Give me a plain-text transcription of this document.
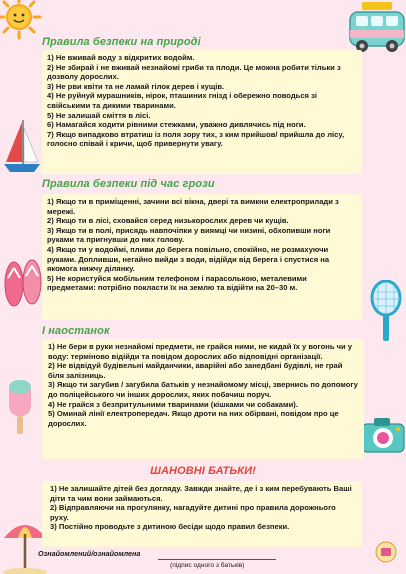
Правила безпеки на природі
1) Не вживай воду з відкритих водойм.
2) Не збирай і не вживай незнайомі гриби та плоди. Це можна робити тільки з дозволу дорослих.
3) Не рви квіти та не ламай гілок дерев і кущів.
4) Не руйнуй мурашників, нірок, пташиних гнізд і обережно поводься зі свійськими та дикими тваринами.
5) Не залишай сміття в лісі.
6) Намагайся ходити рівними стежками, уважно дивлячись під ноги.
7) Якщо випадково втратиш із поля зору тих, з ким прийшов/ прийшла до лісу, голосно співай і кричи, щоб привернути увагу.
Правила безпеки під час грози
1) Якщо ти в приміщенні, зачини всі вікна, двері та вимкни електроприлади з мережі.
2) Якщо ти в лісі, сховайся серед низькорослих дерев чи кущів.
3) Якщо ти в полі, присядь навпочіпки у виямці чи низині, обхопивши ноги руками та пригнувши до них голову.
4) Якщо ти у водоймі, пливи до берега повільно, спокійно, не розмахуючи руками. Допливши, негайно вийди з води, відійди від берега і спустися на якомога нижчу ділянку.
5) Не користуйся мобільним телефоном і парасолькою, металевими предметами: потрібно покласти їх на землю та відійти на 20–30 м.
І наостанок
1) Не бери в руки незнайомі предмети, не грайся ними, не кидай їх у вогонь чи у воду: терміново відійди та повідом дорослих або відповідні організації.
2) Не відвідуй будівельні майданчики, аварійні або занедбані будівлі, не грай біля залізниць.
3) Якщо ти загубив / загубила батьків у незнайомому місці, звернись по допомогу до поліцейського чи інших дорослих, яких побачиш поруч.
4) Не грайся з безпритульними тваринами (кішками чи собаками).
5) Оминай лінії електропередач. Якщо дроти на них обірвані, повідом про це дорослих.
ШАНОВНІ БАТЬКИ!
1) Не залишайте дітей без догляду. Завжди знайте, де і з ким перебувають Ваші діти та чим вони займаються.
2) Відправляючи на прогулянку, нагадуйте дитині про правила дорожнього руху.
3) Постійно проводьте з дитиною бесіди щодо правил безпеки.
Ознайомлений/ознайомлена
(підпис одного з батьків)
